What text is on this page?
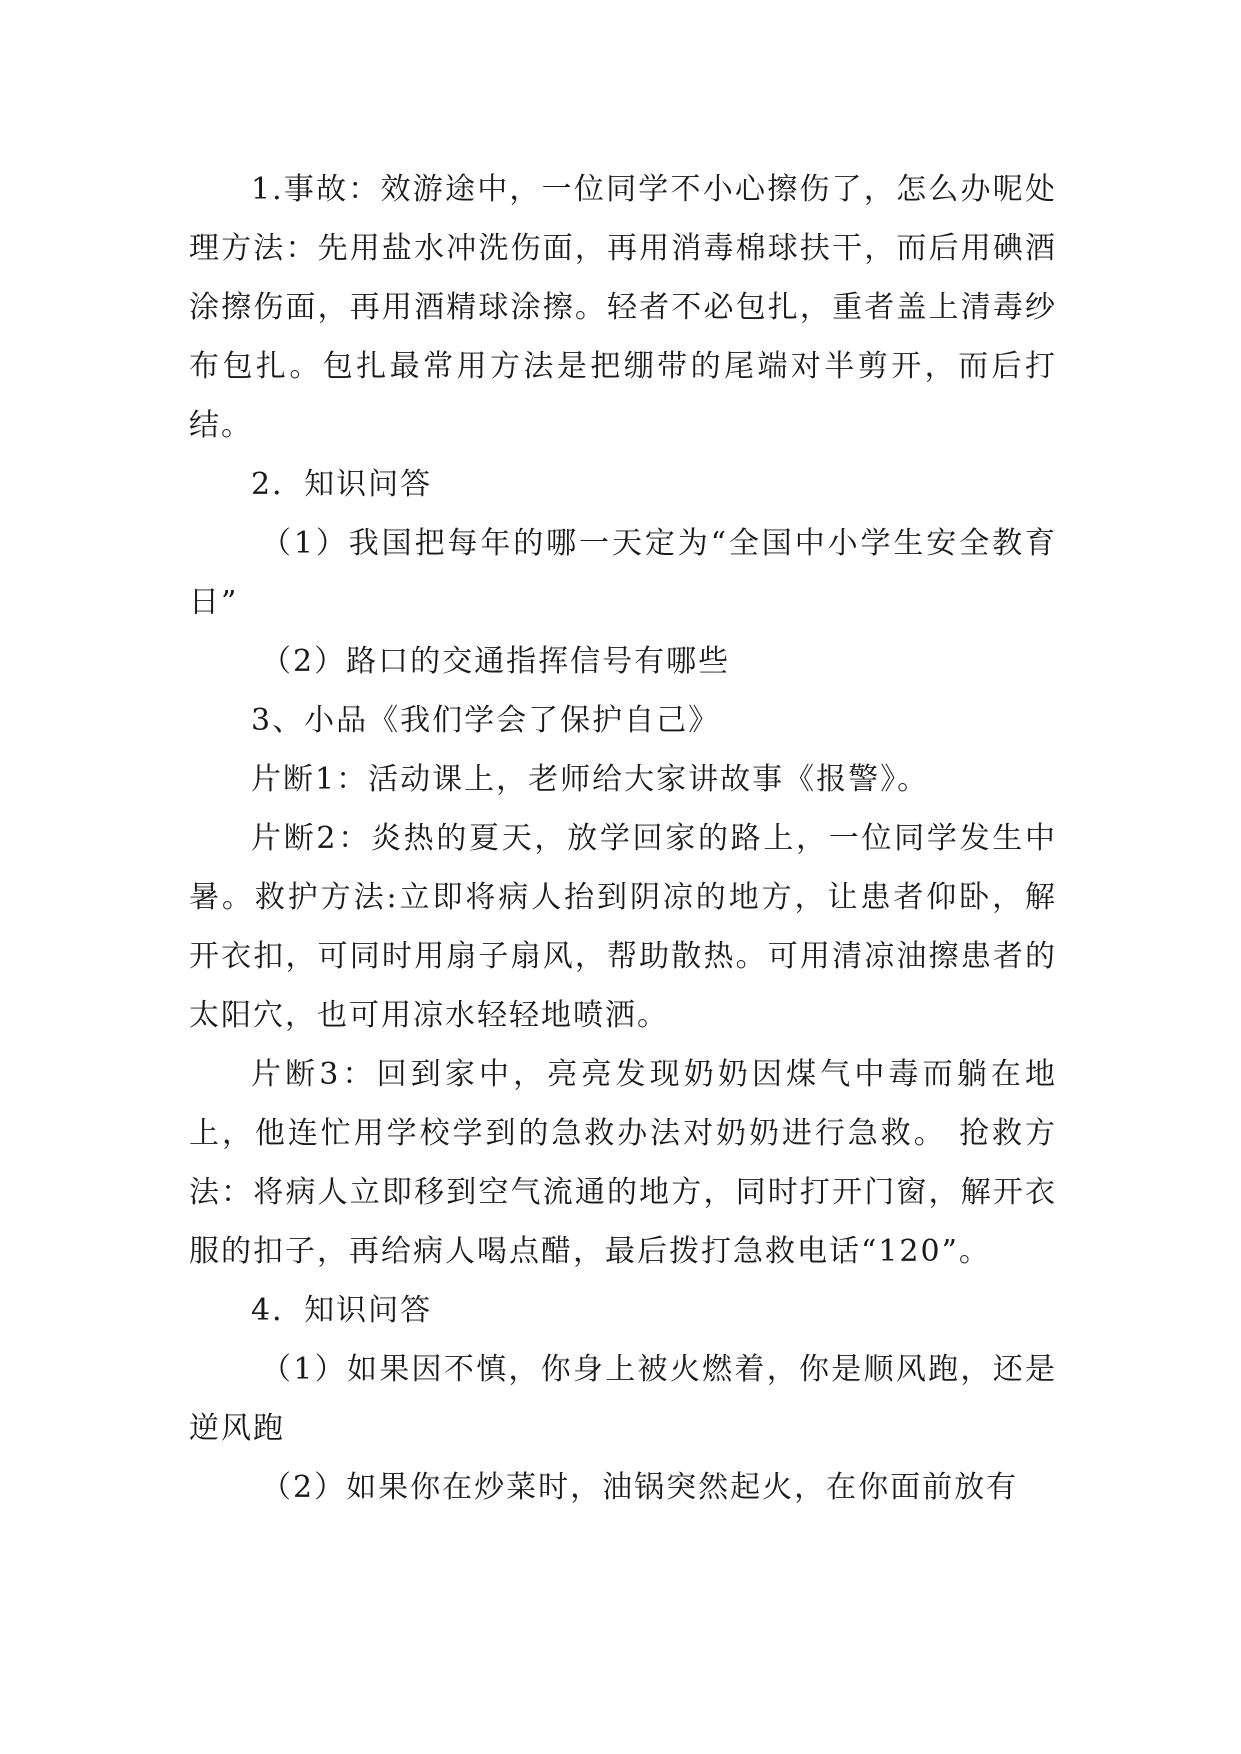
1.事故：效游途中，一位同学不小心擦伤了，怎么办呢处理方法：先用盐水冲洗伤面，再用消毒棉球扶干，而后用碘酒涂擦伤面，再用酒精球涂擦。轻者不必包扎，重者盖上清毒纱布包扎。包扎最常用方法是把绷带的尾端对半剪开，而后打结。

2．知识问答

（1）我国把每年的哪一天定为“全国中小学生安全教育日”

（2）路口的交通指挥信号有哪些

3、小品《我们学会了保护自己》

片断1：活动课上，老师给大家讲故事《报警》。

片断2：炎热的夏天，放学回家的路上，一位同学发生中暑。救护方法:立即将病人抬到阴凉的地方，让患者仰卧，解开衣扣，可同时用扇子扇风，帮助散热。可用清凉油擦患者的太阳穴，也可用凉水轻轻地喷洒。

片断3：回到家中，亮亮发现奶奶因煤气中毒而躺在地上，他连忙用学校学到的急救办法对奶奶进行急救。 抢救方法：将病人立即移到空气流通的地方，同时打开门窗，解开衣服的扣子，再给病人喝点醋，最后拨打急救电话“120”。

4．知识问答

（1）如果因不慎，你身上被火燃着，你是顺风跑，还是逆风跑

（2）如果你在炒菜时，油锅突然起火，在你面前放有
